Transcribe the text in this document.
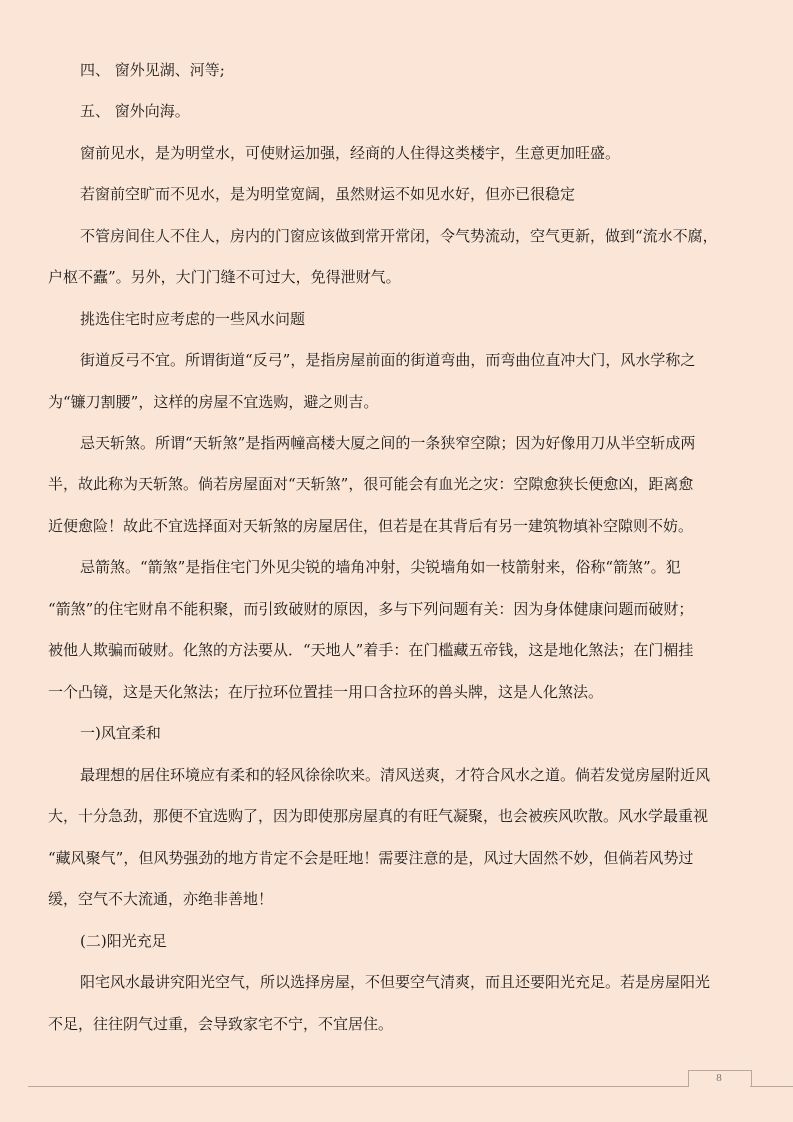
四、 窗外见湖、河等;
五、 窗外向海。
窗前见水，是为明堂水，可使财运加强，经商的人住得这类楼宇，生意更加旺盛。
若窗前空旷而不见水，是为明堂宽阔，虽然财运不如见水好，但亦已很稳定
不管房间住人不住人，房内的门窗应该做到常开常闭，令气势流动，空气更新，做到“流水不腐，
户枢不蠹”。另外，大门门缝不可过大，免得泄财气。
挑选住宅时应考虑的一些风水问题
街道反弓不宜。所谓街道“反弓”，是指房屋前面的街道弯曲，而弯曲位直冲大门，风水学称之
为“镰刀割腰”，这样的房屋不宜选购，避之则吉。
忌天斩煞。所谓“天斩煞”是指两幢高楼大厦之间的一条狭窄空隙；因为好像用刀从半空斩成两
半，故此称为天斩煞。倘若房屋面对“天斩煞”，很可能会有血光之灾：空隙愈狭长便愈凶，距离愈
近便愈险！故此不宜选择面对天斩煞的房屋居住，但若是在其背后有另一建筑物填补空隙则不妨。
忌箭煞。“箭煞”是指住宅门外见尖锐的墙角冲射，尖锐墙角如一枝箭射来，俗称“箭煞”。犯
“箭煞”的住宅财帛不能积聚，而引致破财的原因，多与下列问题有关：因为身体健康问题而破财；
被他人欺骗而破财。化煞的方法要从．“天地人”着手：在门槛藏五帝钱，这是地化煞法；在门楣挂
一个凸镜，这是天化煞法；在厅拉环位置挂一用口含拉环的兽头牌，这是人化煞法。
一)风宜柔和
最理想的居住环境应有柔和的轻风徐徐吹来。清风送爽，才符合风水之道。倘若发觉房屋附近风
大，十分急劲，那便不宜选购了，因为即使那房屋真的有旺气凝聚，也会被疾风吹散。风水学最重视
“藏风聚气”，但风势强劲的地方肯定不会是旺地！需要注意的是，风过大固然不妙，但倘若风势过
缓，空气不大流通，亦绝非善地！
(二)阳光充足
阳宅风水最讲究阳光空气，所以选择房屋，不但要空气清爽，而且还要阳光充足。若是房屋阳光
不足，往往阴气过重，会导致家宅不宁，不宜居住。
8
